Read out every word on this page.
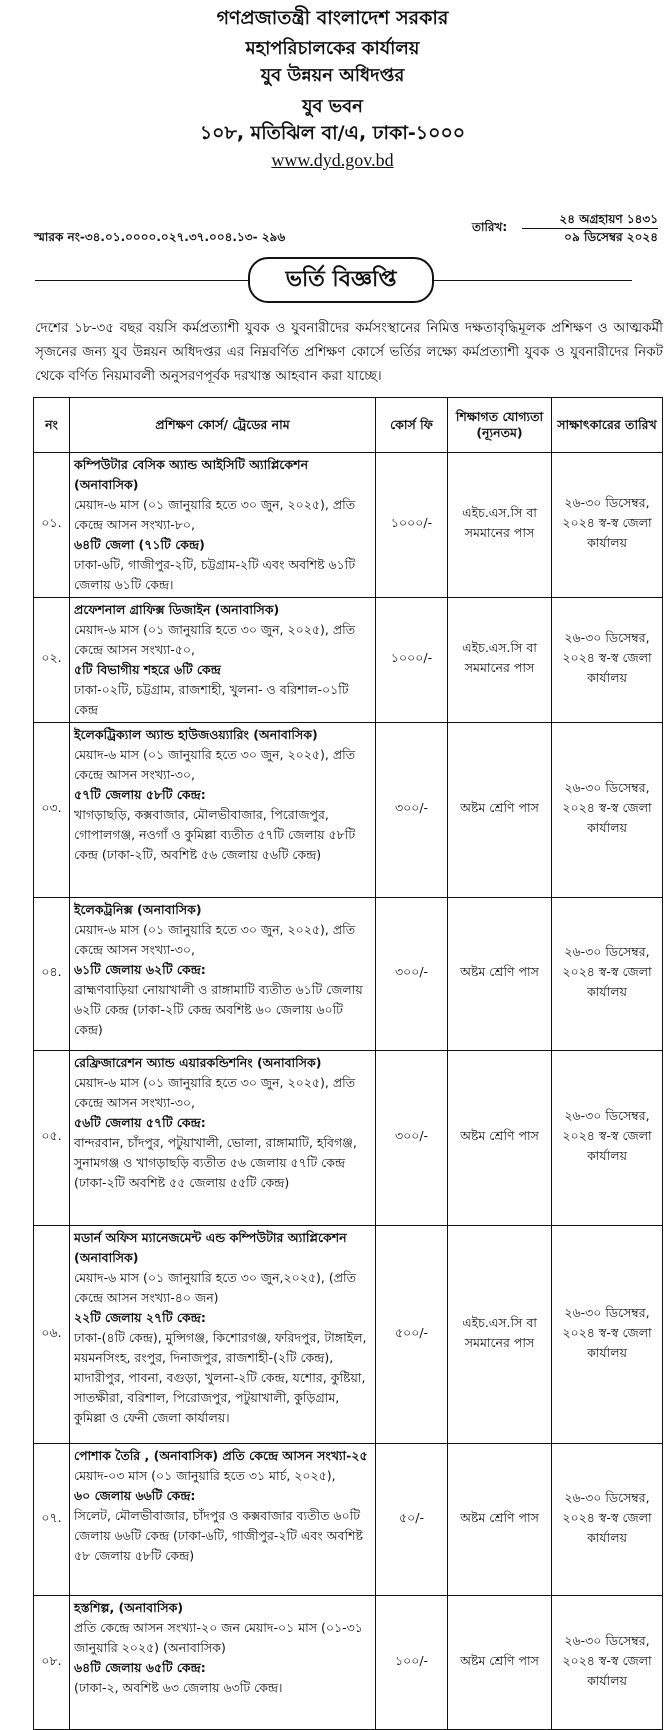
গণপ্রজাতন্ত্রী বাংলাদেশ সরকার
মহাপরিচালকের কার্যালয়
যুব উন্নয়ন অধিদপ্তর
যুব ভবন
১০৮, মতিঝিল বা/এ, ঢাকা-১০০০
www.dyd.gov.bd
স্মারক নং-৩৪.০১.০০০০.০২৭.৩৭.০০৪.১৩- ২৯৬
তারিখ:
২৪ অগ্রহায়ণ ১৪৩১
০৯ ডিসেম্বর ২০২৪
ভর্তি বিজ্ঞপ্তি
দেশের ১৮-৩৫ বছর বয়সি কর্মপ্রত্যাশী যুবক ও যুবনারীদের কর্মসংস্থানের নিমিত্ত দক্ষতাবৃদ্ধিমূলক প্রশিক্ষণ ও আত্মকর্মী সৃজনের জন্য যুব উন্নয়ন অধিদপ্তর এর নিম্নবর্ণিত প্রশিক্ষণ কোর্সে ভর্তির লক্ষ্যে কর্মপ্রত্যাশী যুবক ও যুবনারীদের নিকট থেকে বর্ণিত নিয়মাবলী অনুসরণপূর্বক দরখাস্ত আহবান করা যাচ্ছে।
নং	প্রশিক্ষণ কোর্স/ ট্রেডের নাম	কোর্স ফি	শিক্ষাগত যোগ্যতা (ন্যূনতম)	সাক্ষাৎকারের তারিখ
০১.	কম্পিউটার বেসিক অ্যান্ড আইসিটি অ্যাপ্লিকেশন (অনাবাসিক)
মেয়াদ-৬ মাস (০১ জানুয়ারি হতে ৩০ জুন, ২০২৫), প্রতি কেন্দ্রে আসন সংখ্যা-৮০,
৬৪টি জেলা (৭১টি কেন্দ্র)
ঢাকা-৬টি, গাজীপুর-২টি, চট্টগ্রাম-২টি এবং অবশিষ্ট ৬১টি জেলায় ৬১টি কেন্দ্র।	১০০০/-	এইচ.এস.সি বা সমমানের পাস	২৬-৩০ ডিসেম্বর, ২০২৪ স্ব-স্ব জেলা কার্যালয়
০২.	প্রফেশনাল গ্রাফিক্স ডিজাইন (অনাবাসিক)
মেয়াদ-৬ মাস (০১ জানুয়ারি হতে ৩০ জুন, ২০২৫), প্রতি কেন্দ্রে আসন সংখ্যা-৫০,
৫টি বিভাগীয় শহরে ৬টি কেন্দ্র
ঢাকা-০২টি, চট্টগ্রাম, রাজশাহী, খুলনা- ও বরিশাল-০১টি কেন্দ্র	১০০০/-	এইচ.এস.সি বা সমমানের পাস	২৬-৩০ ডিসেম্বর, ২০২৪ স্ব-স্ব জেলা কার্যালয়
০৩.	ইলেকট্রিক্যাল অ্যান্ড হাউজওয়্যারিং (অনাবাসিক)
মেয়াদ-৬ মাস (০১ জানুয়ারি হতে ৩০ জুন, ২০২৫), প্রতি কেন্দ্রে আসন সংখ্যা-৩০,
৫৭টি জেলায় ৫৮টি কেন্দ্র:
খাগড়াছড়ি, কক্সবাজার, মৌলভীবাজার, পিরোজপুর, গোপালগঞ্জ, নওগাঁ ও কুমিল্লা ব্যতীত ৫৭টি জেলায় ৫৮টি কেন্দ্র (ঢাকা-২টি, অবশিষ্ট ৫৬ জেলায় ৫৬টি কেন্দ্র)	৩০০/-	অষ্টম শ্রেণি পাস	২৬-৩০ ডিসেম্বর, ২০২৪ স্ব-স্ব জেলা কার্যালয়
০৪.	ইলেকট্রনিক্স (অনাবাসিক)
মেয়াদ-৬ মাস (০১ জানুয়ারি হতে ৩০ জুন, ২০২৫), প্রতি কেন্দ্রে আসন সংখ্যা-৩০,
৬১টি জেলায় ৬২টি কেন্দ্র:
ব্রাহ্মণবাড়িয়া নোয়াখালী ও রাঙ্গামাটি ব্যতীত ৬১টি জেলায় ৬২টি কেন্দ্র (ঢাকা-২টি কেন্দ্র অবশিষ্ট ৬০ জেলায় ৬০টি কেন্দ্র)	৩০০/-	অষ্টম শ্রেণি পাস	২৬-৩০ ডিসেম্বর, ২০২৪ স্ব-স্ব জেলা কার্যালয়
০৫.	রেফ্রিজারেশন অ্যান্ড এয়ারকন্ডিশনিং (অনাবাসিক)
মেয়াদ-৬ মাস (০১ জানুয়ারি হতে ৩০ জুন, ২০২৫), প্রতি কেন্দ্রে আসন সংখ্যা-৩০,
৫৬টি জেলায় ৫৭টি কেন্দ্র:
বান্দরবান, চাঁদপুর, পটুয়াখালী, ভোলা, রাঙ্গামাটি, হবিগঞ্জ, সুনামগঞ্জ ও খাগড়াছড়ি ব্যতীত ৫৬ জেলায় ৫৭টি কেন্দ্র (ঢাকা-২টি অবশিষ্ট ৫৫ জেলায় ৫৫টি কেন্দ্র)	৩০০/-	অষ্টম শ্রেণি পাস	২৬-৩০ ডিসেম্বর, ২০২৪ স্ব-স্ব জেলা কার্যালয়
০৬.	মডার্ন অফিস ম্যানেজমেন্ট এন্ড কম্পিউটার অ্যাপ্লিকেশন (অনাবাসিক)
মেয়াদ-৬ মাস (০১ জানুয়ারি হতে ৩০ জুন,২০২৫), (প্রতি কেন্দ্রে আসন সংখ্যা-৪০ জন)
২২টি জেলায় ২৭টি কেন্দ্র:
ঢাকা-(৪টি কেন্দ্র), মুন্সিগঞ্জ, কিশোরগঞ্জ, ফরিদপুর, টাঙ্গাইল, ময়মনসিংহ, রংপুর, দিনাজপুর, রাজশাহী-(২টি কেন্দ্র), মাদারীপুর, পাবনা, বগুড়া, খুলনা-২টি কেন্দ্র, যশোর, কুষ্টিয়া, সাতক্ষীরা, বরিশাল, পিরোজপুর, পটুয়াখালী, কুড়িগ্রাম, কুমিল্লা ও ফেনী জেলা কার্যালয়।	৫০০/-	এইচ.এস.সি বা সমমানের পাস	২৬-৩০ ডিসেম্বর, ২০২৪ স্ব-স্ব জেলা কার্যালয়
০৭.	পোশাক তৈরি , (অনাবাসিক) প্রতি কেন্দ্রে আসন সংখ্যা-২৫
মেয়াদ-০৩ মাস (০১ জানুয়ারি হতে ৩১ মার্চ, ২০২৫),
৬০ জেলায় ৬৬টি কেন্দ্র:
সিলেট, মৌলভীবাজার, চাঁদপুর ও কক্সবাজার ব্যতীত ৬০টি জেলায় ৬৬টি কেন্দ্র (ঢাকা-৬টি, গাজীপুর-২টি এবং অবশিষ্ট ৫৮ জেলায় ৫৮টি কেন্দ্র)	৫০/-	অষ্টম শ্রেণি পাস	২৬-৩০ ডিসেম্বর, ২০২৪ স্ব-স্ব জেলা কার্যালয়
০৮.	হস্তশিল্প, (অনাবাসিক)
প্রতি কেন্দ্রে আসন সংখ্যা-২০ জন মেয়াদ-০১ মাস (০১-৩১ জানুয়ারি ২০২৫) (অনাবাসিক)
৬৪টি জেলায় ৬৫টি কেন্দ্র:
(ঢাকা-২, অবশিষ্ট ৬৩ জেলায় ৬৩টি কেন্দ্র।	১০০/-	অষ্টম শ্রেণি পাস	২৬-৩০ ডিসেম্বর, ২০২৪ স্ব-স্ব জেলা কার্যালয়
